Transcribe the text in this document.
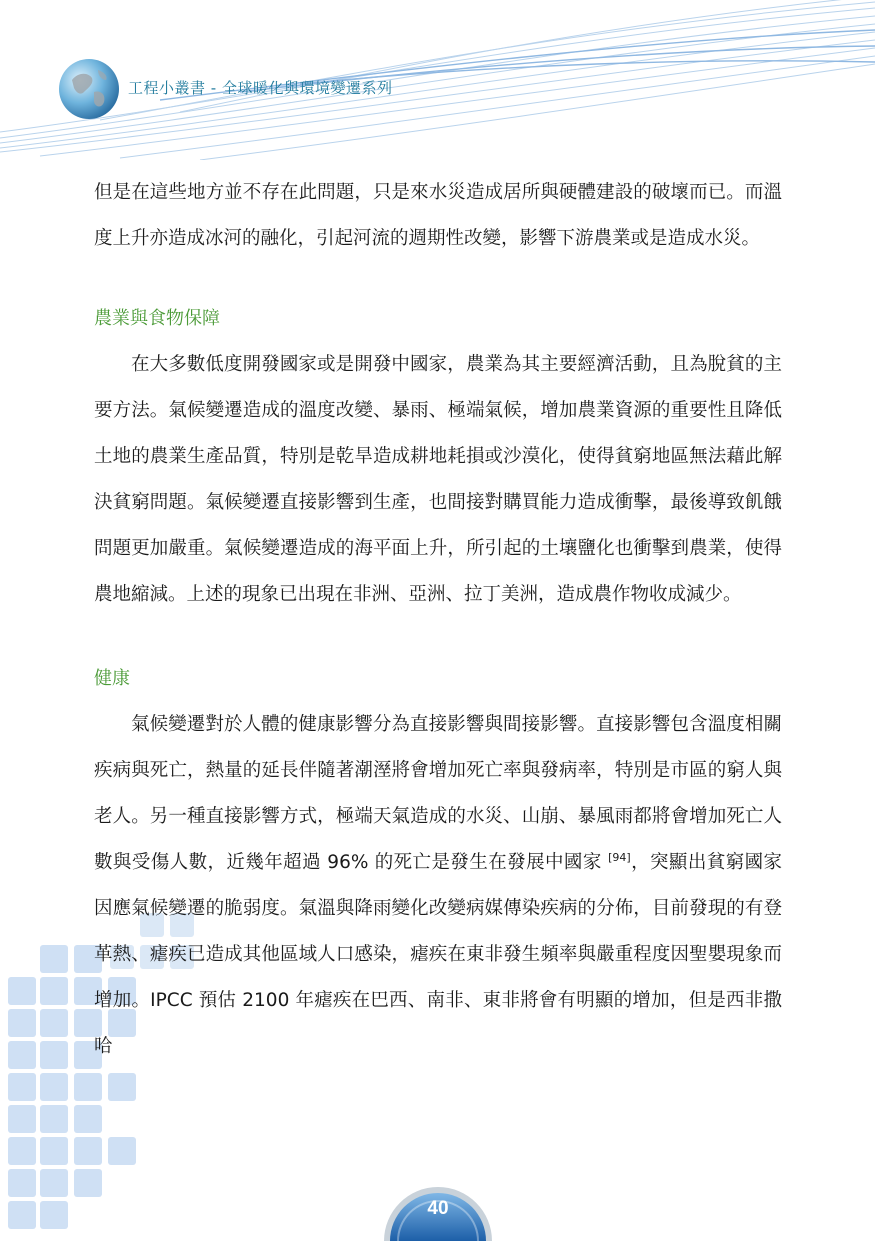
工程小叢書 - 全球暖化與環境變遷系列

但是在這些地方並不存在此問題，只是來水災造成居所與硬體建設的破壞而已。而溫度上升亦造成冰河的融化，引起河流的週期性改變，影響下游農業或是造成水災。

農業與食物保障

在大多數低度開發國家或是開發中國家，農業為其主要經濟活動，且為脫貧的主要方法。氣候變遷造成的溫度改變、暴雨、極端氣候，增加農業資源的重要性且降低土地的農業生產品質，特別是乾旱造成耕地耗損或沙漠化，使得貧窮地區無法藉此解決貧窮問題。氣候變遷直接影響到生產，也間接對購買能力造成衝擊，最後導致飢餓問題更加嚴重。氣候變遷造成的海平面上升，所引起的土壤鹽化也衝擊到農業，使得農地縮減。上述的現象已出現在非洲、亞洲、拉丁美洲，造成農作物收成減少。

健康

氣候變遷對於人體的健康影響分為直接影響與間接影響。直接影響包含溫度相關疾病與死亡，熱量的延長伴隨著潮溼將會增加死亡率與發病率，特別是市區的窮人與老人。另一種直接影響方式，極端天氣造成的水災、山崩、暴風雨都將會增加死亡人數與受傷人數，近幾年超過 96% 的死亡是發生在發展中國家 [94]，突顯出貧窮國家因應氣候變遷的脆弱度。氣溫與降雨變化改變病媒傳染疾病的分佈，目前發現的有登革熱、瘧疾已造成其他區域人口感染，瘧疾在東非發生頻率與嚴重程度因聖嬰現象而增加。IPCC 預估 2100 年瘧疾在巴西、南非、東非將會有明顯的增加，但是西非撒哈

40
